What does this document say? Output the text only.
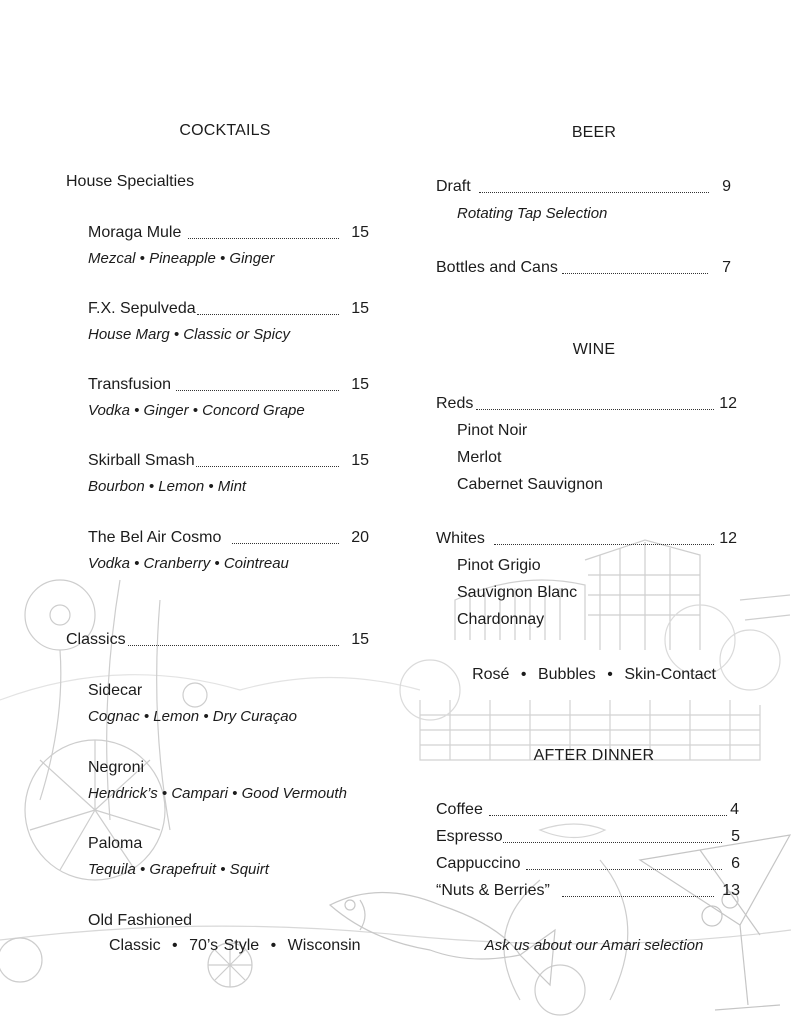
COCKTAILS
House Specialties
Moraga Mule	15
Mezcal • Pineapple • Ginger
F.X. Sepulveda	15
House Marg • Classic or Spicy
Transfusion	15
Vodka • Ginger • Concord Grape
Skirball Smash	15
Bourbon • Lemon • Mint
The Bel Air Cosmo	20
Vodka • Cranberry • Cointreau
Classics	15
Sidecar
Cognac • Lemon • Dry Curaçao
Negroni
Hendrick’s • Campari • Good Vermouth
Paloma
Tequila • Grapefruit • Squirt
Old Fashioned
Classic • 70’s Style • Wisconsin
BEER
Draft	9
Rotating Tap Selection
Bottles and Cans	7
WINE
Reds	12
Pinot Noir
Merlot
Cabernet Sauvignon
Whites	12
Pinot Grigio
Sauvignon Blanc
Chardonnay
Rosé • Bubbles • Skin-Contact
AFTER DINNER
Coffee	4
Espresso	5
Cappuccino	6
“Nuts & Berries”	13
Ask us about our Amari selection
